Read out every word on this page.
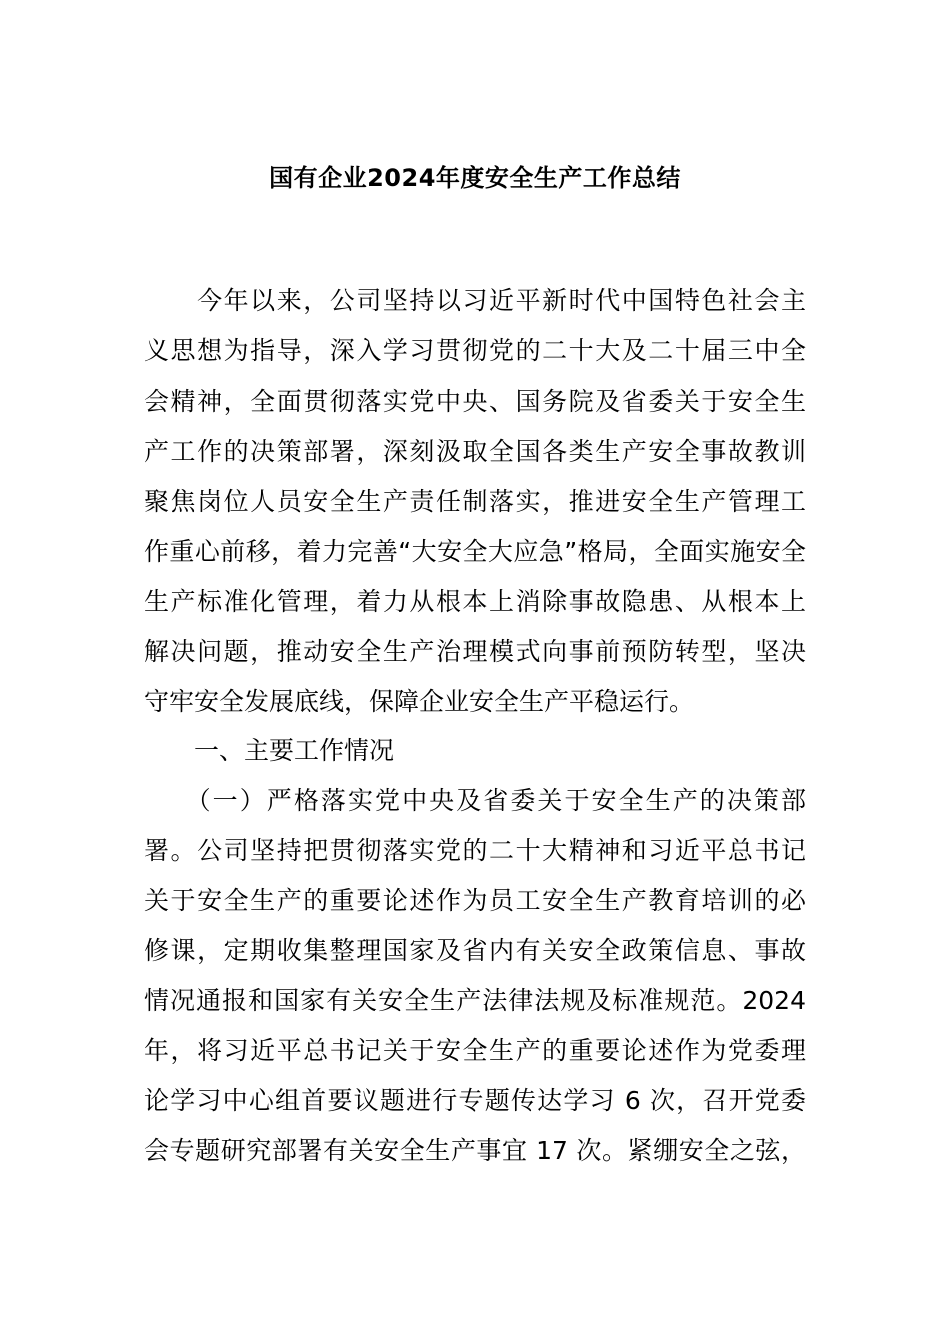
国有企业2024年度安全生产工作总结
　　今年以来，公司坚持以习近平新时代中国特色社会主
义思想为指导，深入学习贯彻党的二十大及二十届三中全
会精神，全面贯彻落实党中央、国务院及省委关于安全生
产工作的决策部署，深刻汲取全国各类生产安全事故教训
聚焦岗位人员安全生产责任制落实，推进安全生产管理工
作重心前移，着力完善“大安全大应急”格局，全面实施安全
生产标准化管理，着力从根本上消除事故隐患、从根本上
解决问题，推动安全生产治理模式向事前预防转型，坚决
守牢安全发展底线，保障企业安全生产平稳运行。
　　一、主要工作情况
　　（一）严格落实党中央及省委关于安全生产的决策部
署。公司坚持把贯彻落实党的二十大精神和习近平总书记
关于安全生产的重要论述作为员工安全生产教育培训的必
修课，定期收集整理国家及省内有关安全政策信息、事故
情况通报和国家有关安全生产法律法规及标准规范。2024
年，将习近平总书记关于安全生产的重要论述作为党委理
论学习中心组首要议题进行专题传达学习 6 次，召开党委
会专题研究部署有关安全生产事宜 17 次。紧绷安全之弦，
